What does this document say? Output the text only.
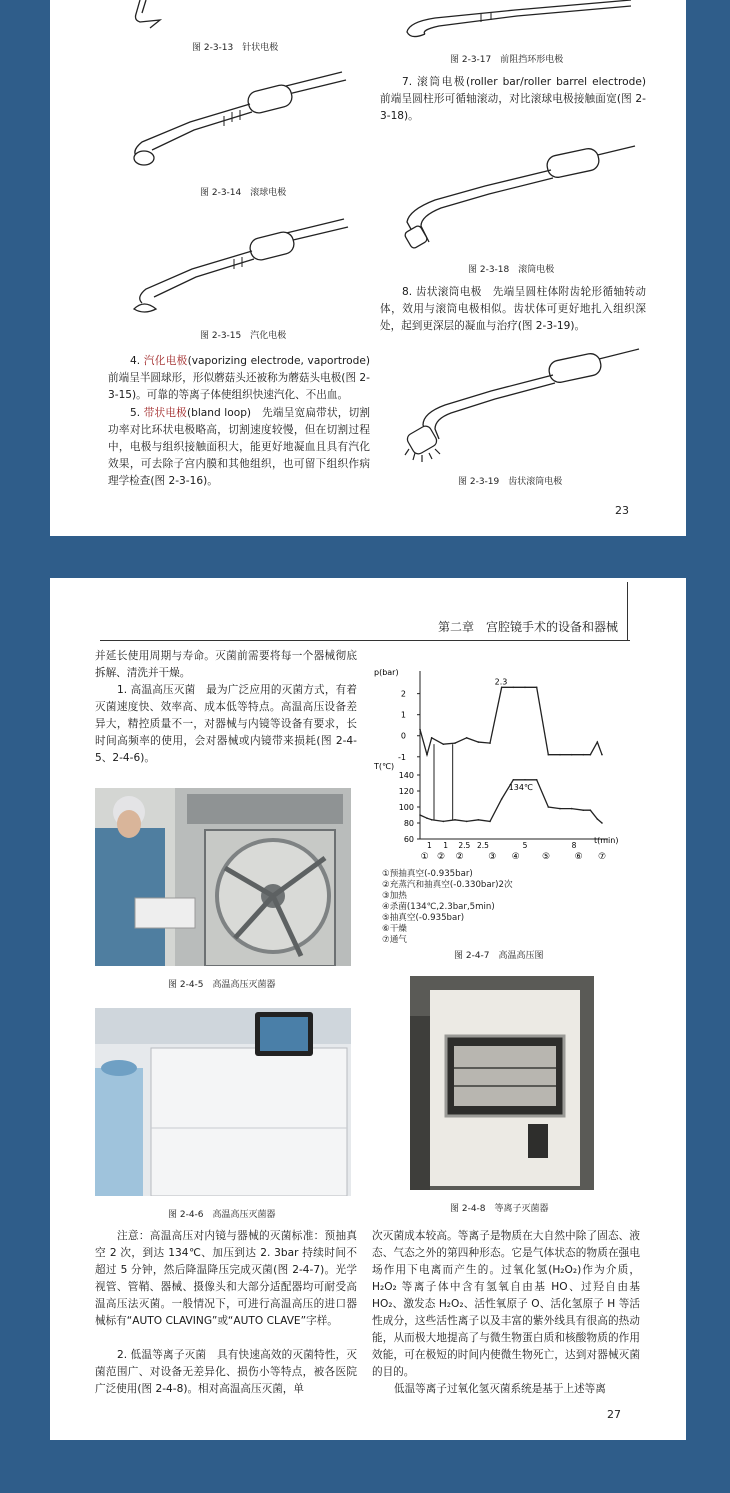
图 2-3-13　针状电极
图 2-3-14　滚球电极
图 2-3-15　汽化电极
4. 汽化电极(vaporizing electrode, vaportrode)前端呈半圆球形，形似蘑菇头还被称为蘑菇头电极(图 2-3-15)。可靠的等离子体使组织快速汽化、不出血。
5. 带状电极(bland loop)　先端呈宽扁带状，切割功率对比环状电极略高，切割速度较慢，但在切割过程中，电极与组织接触面积大，能更好地凝血且具有汽化效果，可去除子宫内膜和其他组织，也可留下组织作病理学检查(图 2-3-16)。
图 2-3-17　前阻挡环形电极
7. 滚筒电极(roller bar/roller barrel electrode)　前端呈圆柱形可循轴滚动，对比滚球电极接触面宽(图 2-3-18)。
图 2-3-18　滚筒电极
8. 齿状滚筒电极　先端呈圆柱体附齿轮形循轴转动体，效用与滚筒电极相似。齿状体可更好地扎入组织深处，起到更深层的凝血与治疗(图 2-3-19)。
图 2-3-19　齿状滚筒电极
23
第二章　宫腔镜手术的设备和器械
并延长使用周期与寿命。灭菌前需要将每一个器械彻底拆解、清洗并干燥。
1. 高温高压灭菌　最为广泛应用的灭菌方式，有着灭菌速度快、效率高、成本低等特点。高温高压设备差异大，精控质量不一，对器械与内镜等设备有要求，长时间高频率的使用，会对器械或内镜带来损耗(图 2-4-5、2-4-6)。
图 2-4-5　高温高压灭菌器
图 2-4-6　高温高压灭菌器
p(bar)
T(℃)
t(min)
2
1
0
-1
140
120
100
80
60
2.3
134℃
1 1 2.5 2.5	5	8
① ② ②	③ ④ ⑤	⑥ ⑦
①预抽真空(-0.935bar)
②充蒸汽和抽真空(-0.330bar)2次
③加热
④杀菌(134℃,2.3bar,5min)
⑤抽真空(-0.935bar)
⑥干燥
⑦通气
图 2-4-7　高温高压图
图 2-4-8　等离子灭菌器
注意：高温高压对内镜与器械的灭菌标准：预抽真空 2 次，到达 134℃、加压到达 2. 3bar 持续时间不超过 5 分钟，然后降温降压完成灭菌(图 2-4-7)。光学视管、管鞘、器械、摄像头和大部分适配器均可耐受高温高压法灭菌。一般情况下，可进行高温高压的进口器械标有“AUTO CLAVING”或“AUTO CLAVE”字样。
2. 低温等离子灭菌　具有快速高效的灭菌特性，灭菌范围广、对设备无差异化、损伤小等特点，被各医院广泛使用(图 2-4-8)。相对高温高压灭菌，单
次灭菌成本较高。等离子是物质在大自然中除了固态、液态、气态之外的第四种形态。它是气体状态的物质在强电场作用下电离而产生的。过氧化氢(H₂O₂)作为介质，H₂O₂ 等离子体中含有氢氧自由基 HO、过羟自由基 HO₂、激发态 H₂O₂、活性氧原子 O、活化氢原子 H 等活性成分，这些活性离子以及丰富的紫外线具有很高的热动能，从而极大地提高了与微生物蛋白质和核酸物质的作用效能，可在极短的时间内使微生物死亡，达到对器械灭菌的目的。
低温等离子过氧化氢灭菌系统是基于上述等离
27
